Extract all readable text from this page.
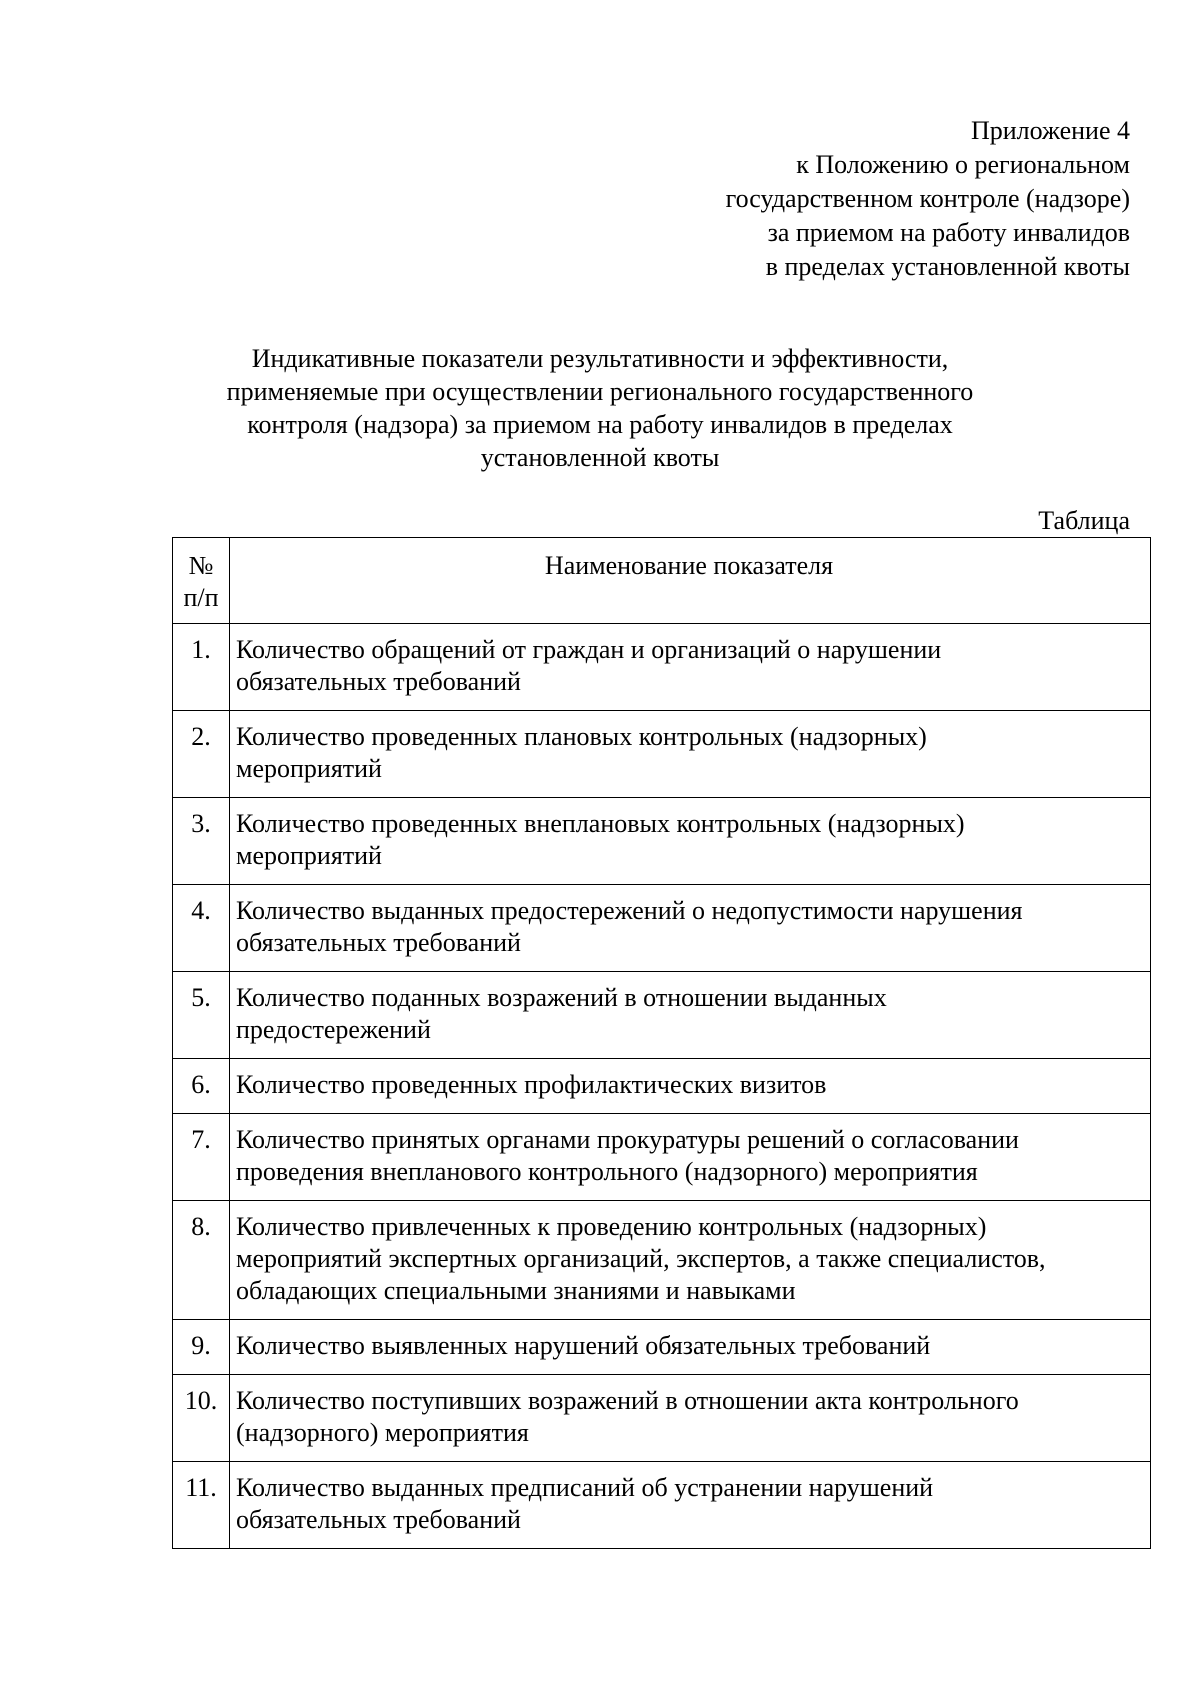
Приложение 4
к Положению о региональном
государственном контроле (надзоре)
за приемом на работу инвалидов
в пределах установленной квоты
Индикативные показатели результативности и эффективности,
применяемые при осуществлении регионального государственного
контроля (надзора) за приемом на работу инвалидов в пределах
установленной квоты
Таблица
№
п/п	Наименование показателя
1.	Количество обращений от граждан и организаций о нарушении
обязательных требований

2.	Количество проведенных плановых контрольных (надзорных)
мероприятий

3.	Количество проведенных внеплановых контрольных (надзорных)
мероприятий

4.	Количество выданных предостережений о недопустимости нарушения
обязательных требований

5.	Количество поданных возражений в отношении выданных
предостережений

6.	Количество проведенных профилактических визитов

7.	Количество принятых органами прокуратуры решений о согласовании
проведения внепланового контрольного (надзорного) мероприятия

8.	Количество привлеченных к проведению контрольных (надзорных)
мероприятий экспертных организаций, экспертов, а также специалистов,
обладающих специальными знаниями и навыками

9.	Количество выявленных нарушений обязательных требований

10.	Количество поступивших возражений в отношении акта контрольного
(надзорного) мероприятия

11.	Количество выданных предписаний об устранении нарушений
обязательных требований
